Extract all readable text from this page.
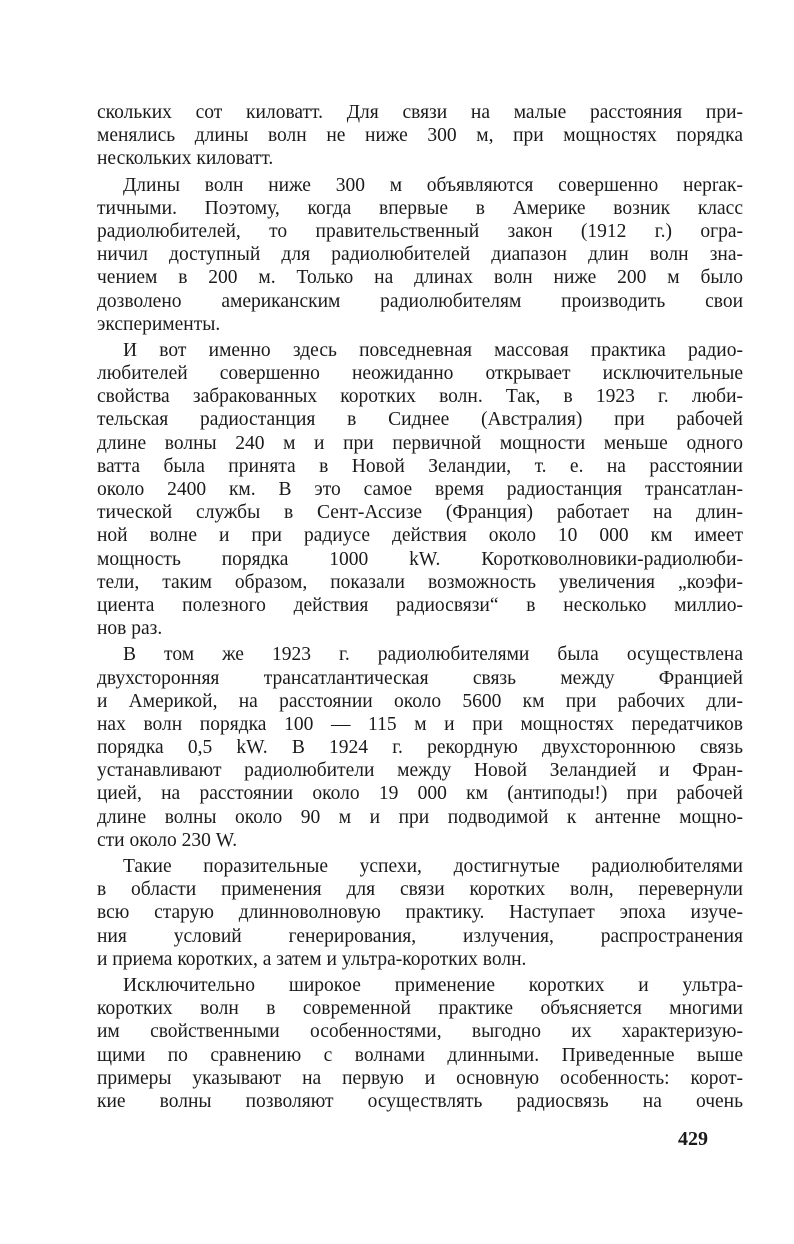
скольких сот киловатт. Для связи на малые расстояния при-
менялись длины волн не ниже 300 м, при мощностях порядка
нескольких киловатт.
Длины волн ниже 300 м объявляются совершенно неprак-
тичными. Поэтому, когда впервые в Америке возник класс
радиолюбителей, то правительственный закон (1912 г.) огра-
ничил доступный для радиолюбителей диапазон длин волн зна-
чением в 200 м. Только на длинах волн ниже 200 м было
дозволено американским радиолюбителям производить свои
эксперименты.
И вот именно здесь повседневная массовая практика радио-
любителей совершенно неожиданно открывает исключительные
свойства забракованных коротких волн. Так, в 1923 г. люби-
тельская радиостанция в Сиднее (Австралия) при рабочей
длине волны 240 м и при первичной мощности меньше одного
ватта была принята в Новой Зеландии, т. е. на расстоянии
около 2400 км. В это самое время радиостанция трансатлан-
тической службы в Сент-Ассизе (Франция) работает на длин-
ной волне и при радиусе действия около 10 000 км имеет
мощность порядка 1000 kW. Коротковолновики-радиолюби-
тели, таким образом, показали возможность увеличения „коэфи-
циента полезного действия радиосвязи“ в несколько миллио-
нов раз.
В том же 1923 г. радиолюбителями была осуществлена
двухсторонняя трансатлантическая связь между Францией
и Америкой, на расстоянии около 5600 км при рабочих дли-
нах волн порядка 100 — 115 м и при мощностях передатчиков
порядка 0,5 kW. В 1924 г. рекордную двухстороннюю связь
устанавливают радиолюбители между Новой Зеландией и Фран-
цией, на расстоянии около 19 000 км (антиподы!) при рабочей
длине волны около 90 м и при подводимой к антенне мощно-
сти около 230 W.
Такие поразительные успехи, достигнутые радиолюбителями
в области применения для связи коротких волн, перевернули
всю старую длинноволновую практику. Наступает эпоха изуче-
ния условий генерирования, излучения, распространения
и приема коротких, а затем и ультра-коротких волн.
Исключительно широкое применение коротких и ультра-
коротких волн в современной практике объясняется многими
им свойственными особенностями, выгодно их характеризую-
щими по сравнению с волнами длинными. Приведенные выше
примеры указывают на первую и основную особенность: корот-
кие волны позволяют осуществлять радиосвязь на очень
429
